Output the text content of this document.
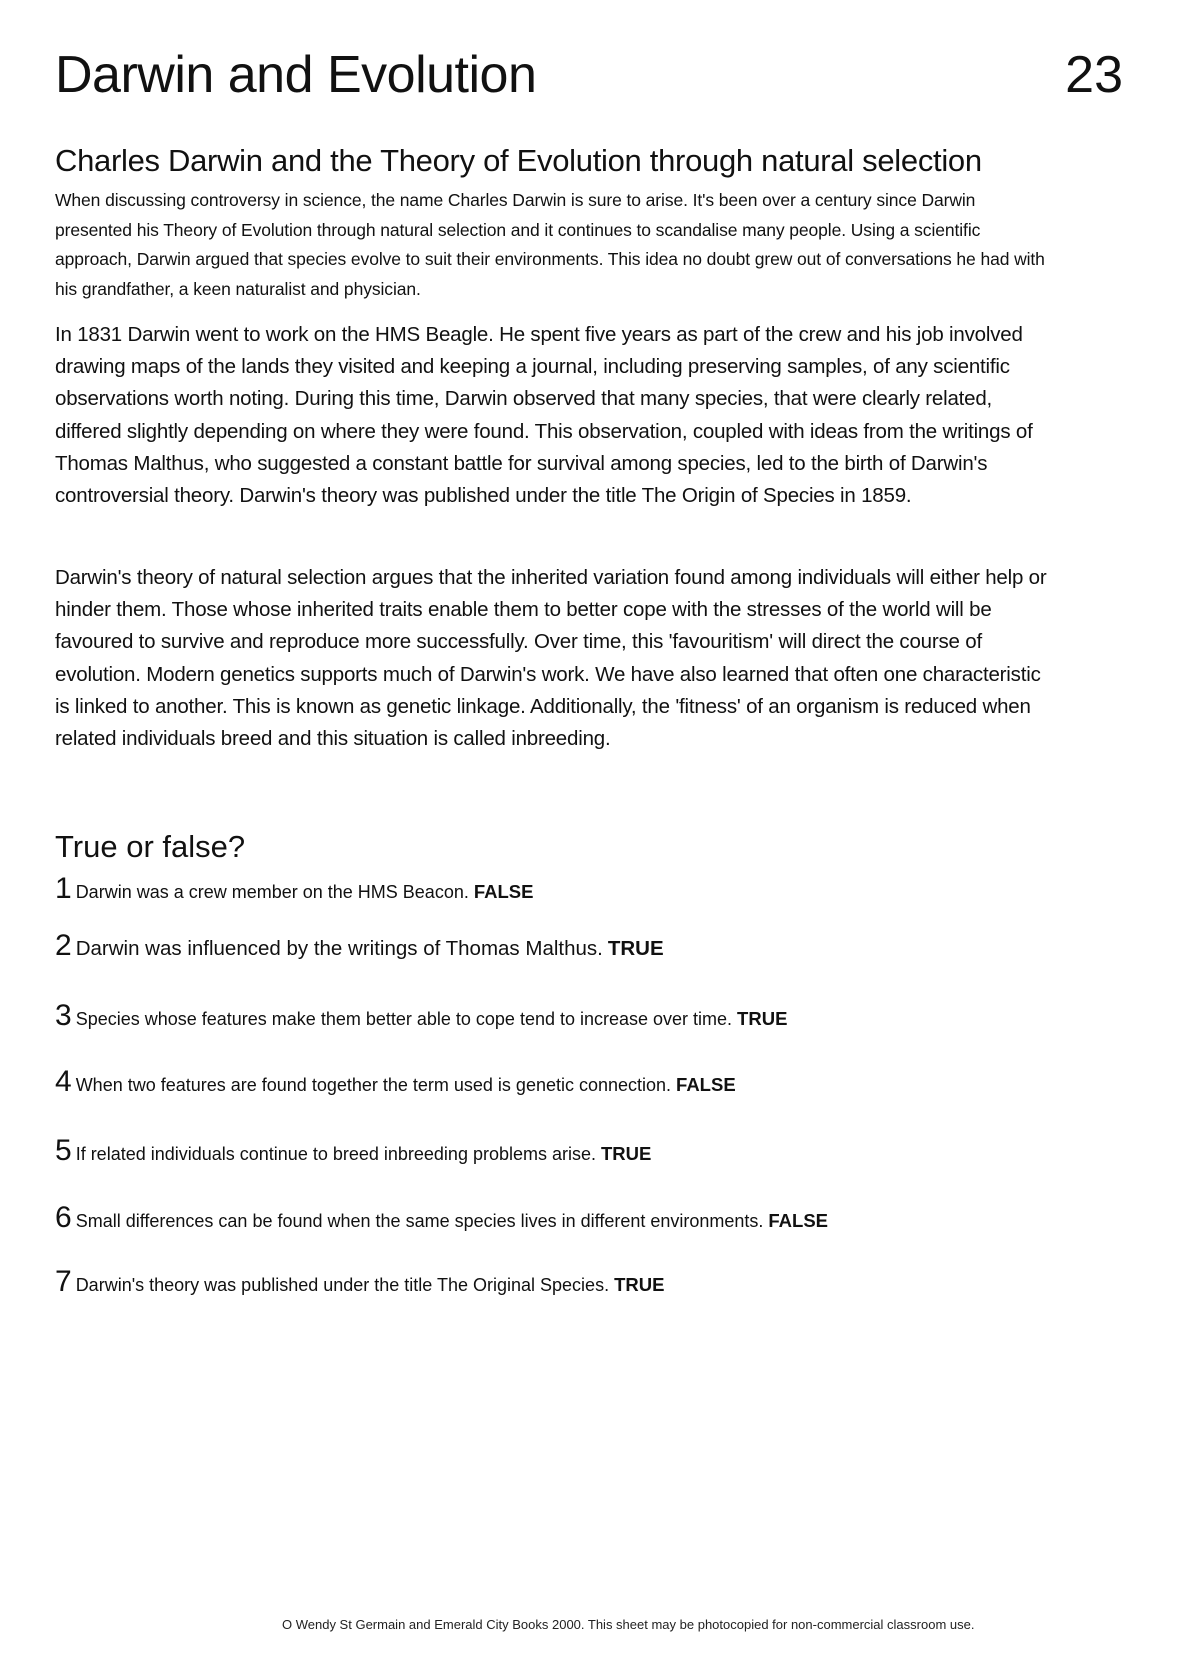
Darwin and Evolution	23
Charles Darwin and the Theory of Evolution through natural selection

When discussing controversy in science, the name Charles Darwin is sure to arise. It's been over a century since Darwin presented his Theory of Evolution through natural selection and it continues to scandalise many people. Using a scientific approach, Darwin argued that species evolve to suit their environments. This idea no doubt grew out of conversations he had with his grandfather, a keen naturalist and physician.

In 1831 Darwin went to work on the HMS Beagle. He spent five years as part of the crew and his job involved drawing maps of the lands they visited and keeping a journal, including preserving samples, of any scientific observations worth noting. During this time, Darwin observed that many species, that were clearly related, differed slightly depending on where they were found. This observation, coupled with ideas from the writings of Thomas Malthus, who suggested a constant battle for survival among species, led to the birth of Darwin's controversial theory. Darwin's theory was published under the title The Origin of Species in 1859.

Darwin's theory of natural selection argues that the inherited variation found among individuals will either help or hinder them. Those whose inherited traits enable them to better cope with the stresses of the world will be favoured to survive and reproduce more successfully. Over time, this 'favouritism' will direct the course of evolution. Modern genetics supports much of Darwin's work. We have also learned that often one characteristic is linked to another. This is known as genetic linkage. Additionally, the 'fitness' of an organism is reduced when related individuals breed and this situation is called inbreeding.

True or false?
1 Darwin was a crew member on the HMS Beacon. FALSE
2 Darwin was influenced by the writings of Thomas Malthus. TRUE
3 Species whose features make them better able to cope tend to increase over time. TRUE
4 When two features are found together the term used is genetic connection. FALSE
5 If related individuals continue to breed inbreeding problems arise. TRUE
6 Small differences can be found when the same species lives in different environments. FALSE
7 Darwin's theory was published under the title The Original Species. TRUE
O Wendy St Germain and Emerald City Books 2000. This sheet may be photocopied for non-commercial classroom use.
